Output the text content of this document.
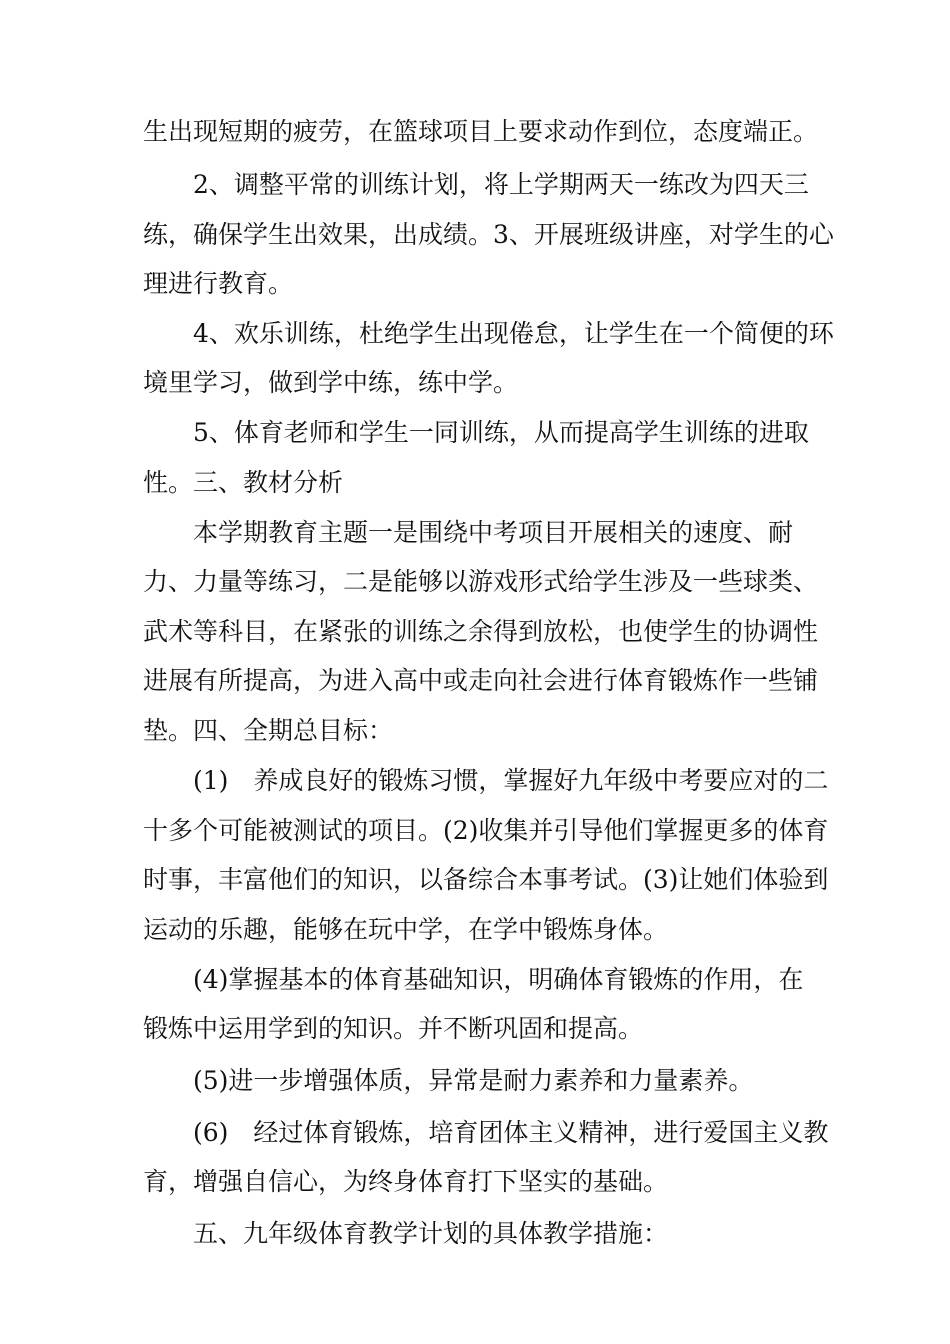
生出现短期的疲劳，在篮球项目上要求动作到位，态度端正。
2、调整平常的训练计划，将上学期两天一练改为四天三
练，确保学生出效果，出成绩。3、开展班级讲座，对学生的心
理进行教育。
4、欢乐训练，杜绝学生出现倦怠，让学生在一个简便的环
境里学习，做到学中练，练中学。
5、体育老师和学生一同训练，从而提高学生训练的进取
性。三、教材分析
本学期教育主题一是围绕中考项目开展相关的速度、耐
力、力量等练习，二是能够以游戏形式给学生涉及一些球类、
武术等科目，在紧张的训练之余得到放松，也使学生的协调性
进展有所提高，为进入高中或走向社会进行体育锻炼作一些铺
垫。四、全期总目标：
(1)　养成良好的锻炼习惯，掌握好九年级中考要应对的二
十多个可能被测试的项目。(2)收集并引导他们掌握更多的体育
时事，丰富他们的知识，以备综合本事考试。(3)让她们体验到
运动的乐趣，能够在玩中学，在学中锻炼身体。
(4)掌握基本的体育基础知识，明确体育锻炼的作用，在
锻炼中运用学到的知识。并不断巩固和提高。
(5)进一步增强体质，异常是耐力素养和力量素养。
(6)　经过体育锻炼，培育团体主义精神，进行爱国主义教
育，增强自信心，为终身体育打下坚实的基础。
五、九年级体育教学计划的具体教学措施：
